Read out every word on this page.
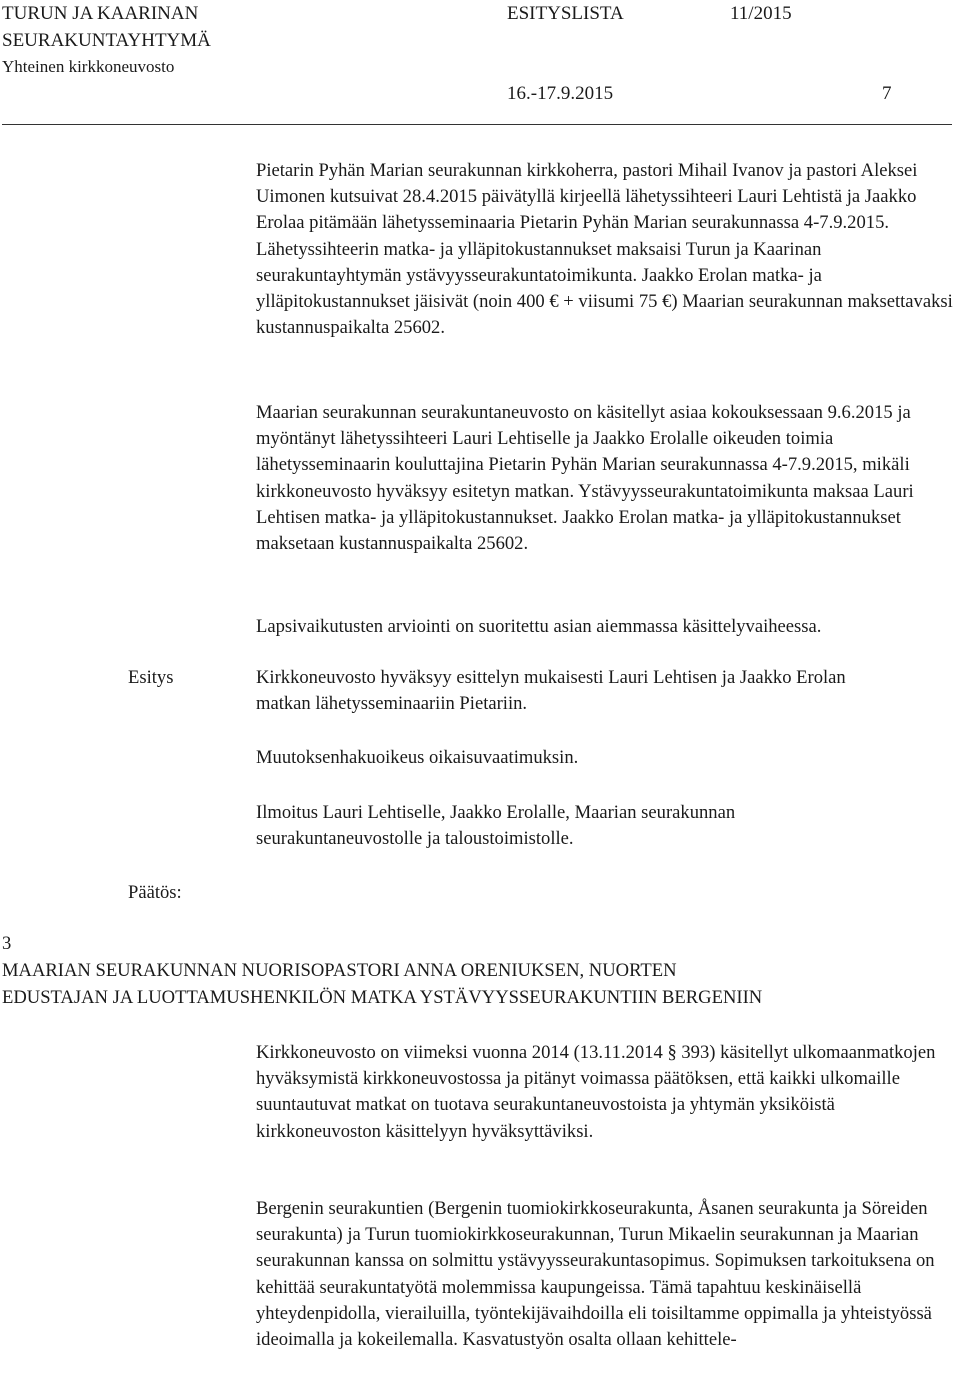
TURUN JA KAARINAN
SEURAKUNTAYHTYMÄ
Yhteinen kirkkoneuvosto
ESITYSLISTA	11/2015
16.-17.9.2015	7

Pietarin Pyhän Marian seurakunnan kirkkoherra, pastori Mihail Ivanov ja pastori Aleksei Uimonen kutsuivat 28.4.2015 päivätyllä kirjeellä lähetyssihteeri Lauri Lehtistä ja Jaakko Erolaa pitämään lähetysseminaaria Pietarin Pyhän Marian seurakunnassa 4-7.9.2015. Lähetyssihteerin matka- ja ylläpitokustannukset maksaisi Turun ja Kaarinan seurakuntayhtymän ystävyysseurakuntatoimikunta. Jaakko Erolan matka- ja ylläpitokustannukset jäisivät (noin 400 € + viisumi 75 €) Maarian seurakunnan maksettavaksi kustannuspaikalta 25602.

Maarian seurakunnan seurakuntaneuvosto on käsitellyt asiaa kokouksessaan 9.6.2015 ja myöntänyt lähetyssihteeri Lauri Lehtiselle ja Jaakko Erolalle oikeuden toimia lähetysseminaarin kouluttajina Pietarin Pyhän Marian seurakunnassa 4-7.9.2015, mikäli kirkkoneuvosto hyväksyy esitetyn matkan. Ystävyysseurakuntatoimikunta maksaa Lauri Lehtisen matka- ja ylläpitokustannukset. Jaakko Erolan matka- ja ylläpitokustannukset maksetaan kustannuspaikalta 25602.

Lapsivaikutusten arviointi on suoritettu asian aiemmassa käsittelyvaiheessa.

Esitys	Kirkkoneuvosto hyväksyy esittelyn mukaisesti Lauri Lehtisen ja Jaakko Erolan matkan lähetysseminaariin Pietariin.

Muutoksenhakuoikeus oikaisuvaatimuksin.

Ilmoitus Lauri Lehtiselle, Jaakko Erolalle, Maarian seurakunnan seurakuntaneuvostolle ja taloustoimistolle.

Päätös:
3
MAARIAN SEURAKUNNAN NUORISOPASTORI ANNA ORENIUKSEN, NUORTEN
EDUSTAJAN JA LUOTTAMUSHENKILÖN MATKA YSTÄVYYSSEURAKUNTIIN BERGENIIN

Kirkkoneuvosto on viimeksi vuonna 2014 (13.11.2014 § 393) käsitellyt ulkomaanmatkojen hyväksymistä kirkkoneuvostossa ja pitänyt voimassa päätöksen, että kaikki ulkomaille suuntautuvat matkat on tuotava seurakuntaneuvostoista ja yhtymän yksiköistä kirkkoneuvoston käsittelyyn hyväksyttäviksi.

Bergenin seurakuntien (Bergenin tuomiokirkkoseurakunta, Åsanen seurakunta ja Söreiden seurakunta) ja Turun tuomiokirkkoseurakunnan, Turun Mikaelin seurakunnan ja Maarian seurakunnan kanssa on solmittu ystävyysseurakuntasopimus. Sopimuksen tarkoituksena on kehittää seurakuntatyötä molemmissa kaupungeissa. Tämä tapahtuu keskinäisellä yhteydenpidolla, vierailuilla, työntekijävaihdoilla eli toisiltamme oppimalla ja yhteistyössä ideoimalla ja kokeilemalla. Kasvatustyön osalta ollaan kehittele-
